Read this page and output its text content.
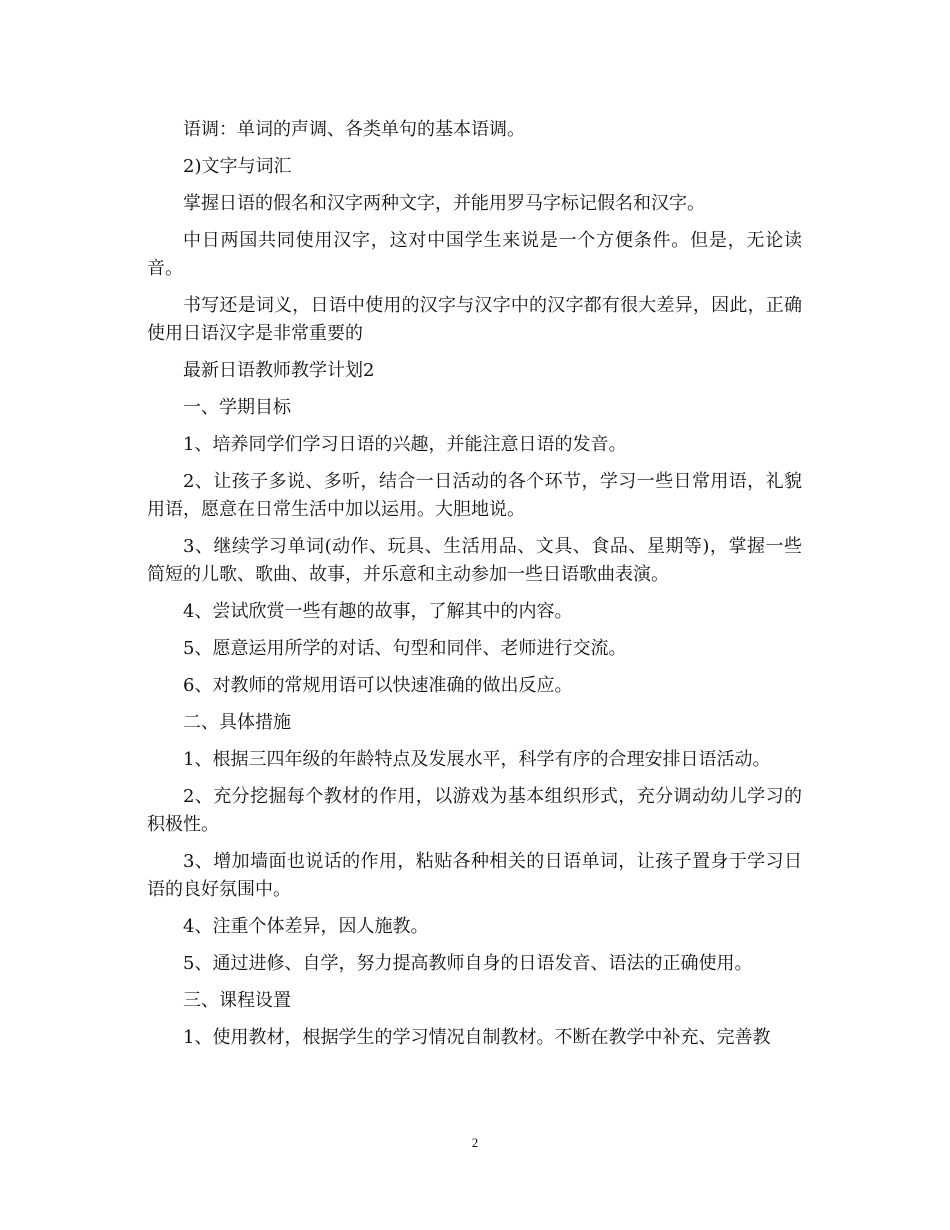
语调：单词的声调、各类单句的基本语调。

2)文字与词汇

掌握日语的假名和汉字两种文字，并能用罗马字标记假名和汉字。

中日两国共同使用汉字，这对中国学生来说是一个方便条件。但是，无论读音。

书写还是词义，日语中使用的汉字与汉字中的汉字都有很大差异，因此，正确使用日语汉字是非常重要的

最新日语教师教学计划2

一、学期目标

1、培养同学们学习日语的兴趣，并能注意日语的发音。

2、让孩子多说、多听，结合一日活动的各个环节，学习一些日常用语，礼貌用语，愿意在日常生活中加以运用。大胆地说。

3、继续学习单词(动作、玩具、生活用品、文具、食品、星期等)，掌握一些简短的儿歌、歌曲、故事，并乐意和主动参加一些日语歌曲表演。

4、尝试欣赏一些有趣的故事，了解其中的内容。

5、愿意运用所学的对话、句型和同伴、老师进行交流。

6、对教师的常规用语可以快速准确的做出反应。

二、具体措施

1、根据三四年级的年龄特点及发展水平，科学有序的合理安排日语活动。

2、充分挖掘每个教材的作用，以游戏为基本组织形式，充分调动幼儿学习的积极性。

3、增加墙面也说话的作用，粘贴各种相关的日语单词，让孩子置身于学习日语的良好氛围中。

4、注重个体差异，因人施教。

5、通过进修、自学，努力提高教师自身的日语发音、语法的正确使用。

三、课程设置

1、使用教材，根据学生的学习情况自制教材。不断在教学中补充、完善教

2
